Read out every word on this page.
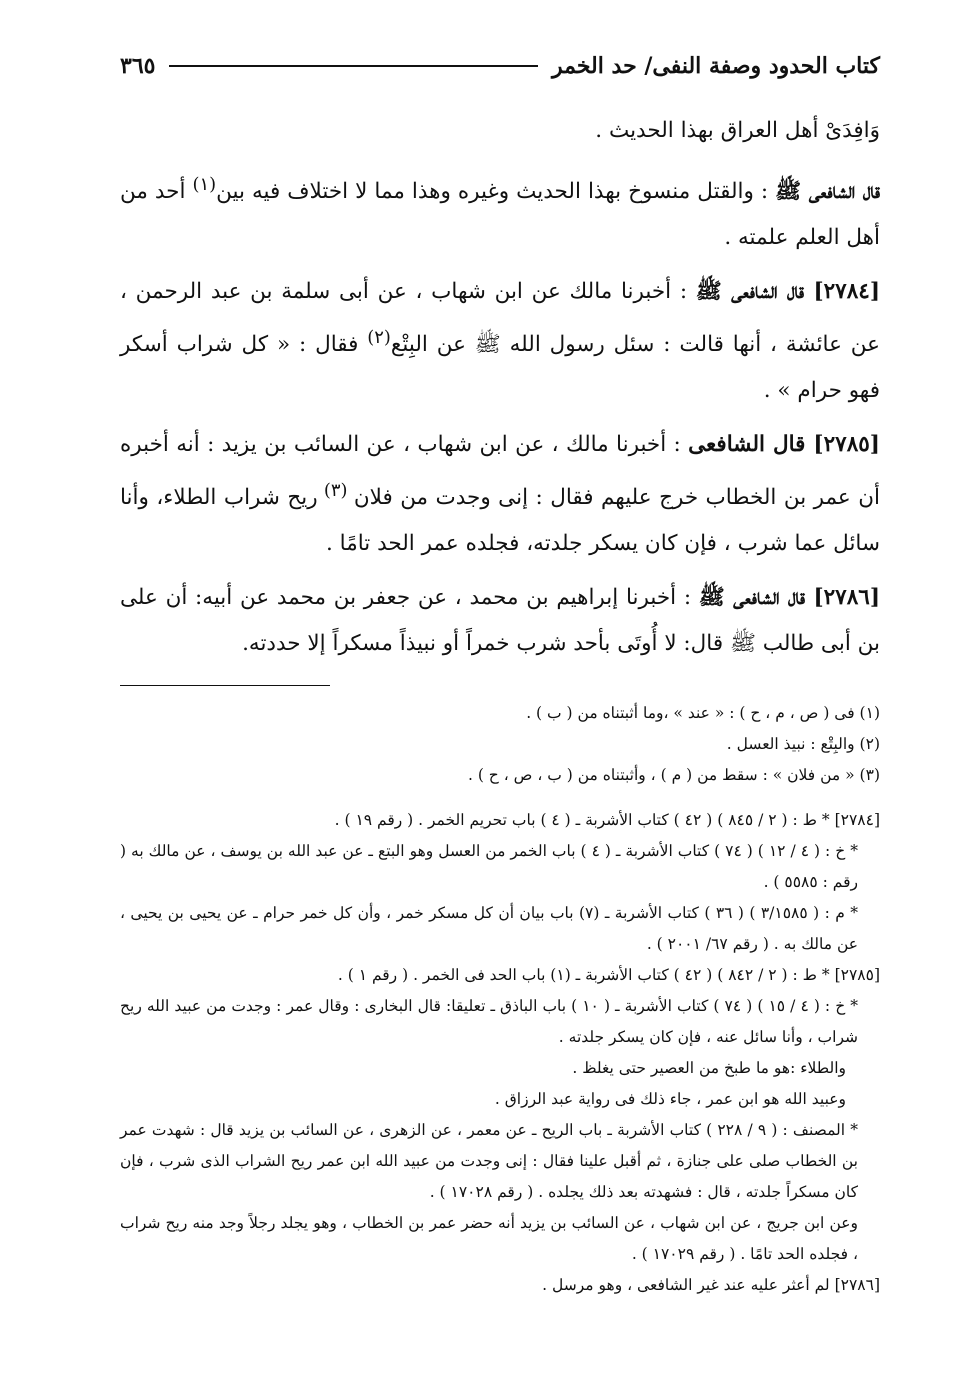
كتاب الحدود وصفة النفى/ حد الخمر
٣٦٥

وَافِدَىْ أهل العراق بهذا الحديث .

قال الشافعى ﷺ : والقتل منسوخ بهذا الحديث وغيره وهذا مما لا اختلاف فيه بين$^{(١)}$ أحد من أهل العلم علمته .

[٢٧٨٤] قال الشافعى ﷺ : أخبرنا مالك عن ابن شهاب ، عن أبى سلمة بن عبد الرحمن ، عن عائشة ، أنها قالت : سئل رسول الله ﷺ عن البِتْع$^{(٢)}$ فقال : « كل شراب أسكر فهو حرام » .

[٢٧٨٥] قال الشافعى : أخبرنا مالك ، عن ابن شهاب ، عن السائب بن يزيد : أنه أخبره أن عمر بن الخطاب خرج عليهم فقال : إنى وجدت من فلان $^{(٣)}$ ريح شراب الطلاء، وأنا سائل عما شرب ، فإن كان يسكر جلدته، فجلده عمر الحد تامًا .

[٢٧٨٦] قال الشافعى ﷺ : أخبرنا إبراهيم بن محمد ، عن جعفر بن محمد عن أبيه: أن على بن أبى طالب ﷺ قال: لا أُوتَى بأحد شرب خمراً أو نبيذاً مسكراً إلا حددته.

(١) فى ( ص ، م ، ح ) : « عند » ،وما أثبتناه من ( ب ) .

(٢) والبِتْع : نبيذ العسل .

(٣) « من فلان » : سقط من ( م ) ، وأثبتناه من ( ب ، ص ، ح ) .

[٢٧٨٤] * ط : ( ٢ / ٨٤٥ ) ( ٤٢ ) كتاب الأشربة ـ ( ٤ ) باب تحريم الخمر . ( رقم ١٩ ) .

* خ : ( ٤ / ١٢ ) ( ٧٤ ) كتاب الأشربة ـ ( ٤ ) باب الخمر من العسل وهو البتع ـ عن عبد الله بن يوسف ، عن مالك به ( رقم : ٥٥٨٥ ) .

* م : ( ٣/١٥٨٥ ) ( ٣٦ ) كتاب الأشربة ـ (٧) باب بيان أن كل مسكر خمر ، وأن كل خمر حرام ـ عن يحيى بن يحيى ، عن مالك به . ( رقم ٦٧/ ٢٠٠١ ) .

[٢٧٨٥] * ط : ( ٢ / ٨٤٢ ) ( ٤٢ ) كتاب الأشربة ـ (١) باب الحد فى الخمر . ( رقم ١ ) .

* خ : ( ٤ / ١٥ ) ( ٧٤ ) كتاب الأشربة ـ ( ١٠ ) باب الباذق ـ تعليقا: قال البخارى : وقال عمر : وجدت من عبيد الله ريح شراب ، وأنا سائل عنه ، فإن كان يسكر جلدته .

والطلاء :هو ما طبخ من العصير حتى يغلظ .

وعبيد الله هو ابن عمر ، جاء ذلك فى رواية عبد الرزاق .

* المصنف : ( ٩ / ٢٢٨ ) كتاب الأشربة ـ باب الريح ـ عن معمر ، عن الزهرى ، عن السائب بن يزيد قال : شهدت عمر بن الخطاب صلى على جنازة ، ثم أقبل علينا فقال : إنى وجدت من عبيد الله ابن عمر ريح الشراب الذى شرب ، فإن كان مسكراً جلدته ، قال : فشهدته بعد ذلك يجلده . ( رقم ١٧٠٢٨ ) .

وعن ابن جريج ، عن ابن شهاب ، عن السائب بن يزيد أنه حضر عمر بن الخطاب ، وهو يجلد رجلاً وجد منه ريح شراب ، فجلده الحد تامًا . ( رقم ١٧٠٢٩ ) .

[٢٧٨٦] لم أعثر عليه عند غير الشافعى ، وهو مرسل .
